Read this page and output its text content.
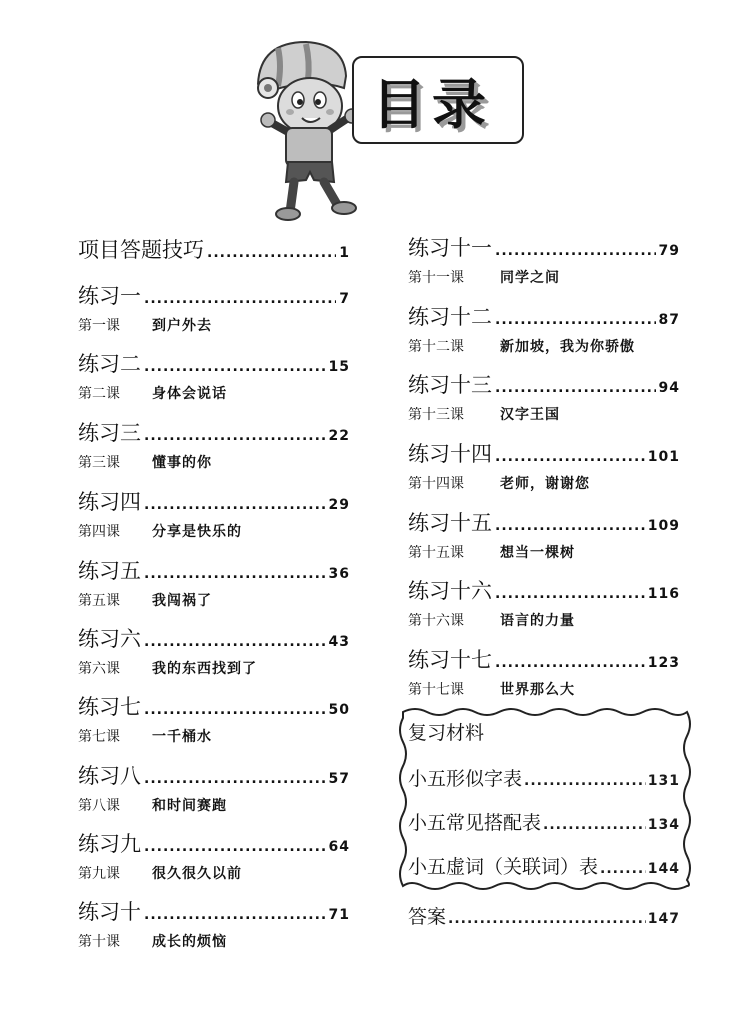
目录
项目答题技巧 .....	1
练习一 .....	7
第一课 到户外去
练习二 .....	15
第二课 身体会说话
练习三 .....	22
第三课 懂事的你
练习四 .....	29
第四课 分享是快乐的
练习五 .....	36
第五课 我闯祸了
练习六 .....	43
第六课 我的东西找到了
练习七 .....	50
第七课 一千桶水
练习八 .....	57
第八课 和时间赛跑
练习九 .....	64
第九课 很久很久以前
练习十 .....	71
第十课 成长的烦恼
练习十一 .....	79
第十一课	同学之间
练习十二 .....	87
第十二课	新加坡，我为你骄傲
练习十三 .....	94
第十三课	汉字王国
练习十四 .....	101
第十四课	老师，谢谢您
练习十五 .....	109
第十五课	想当一棵树
练习十六 .....	116
第十六课	语言的力量
练习十七 .....	123
第十七课	世界那么大
复习材料
小五形似字表 .....	131
小五常见搭配表 .....	134
小五虚词（关联词）表 .....	144
答案 .....	147
